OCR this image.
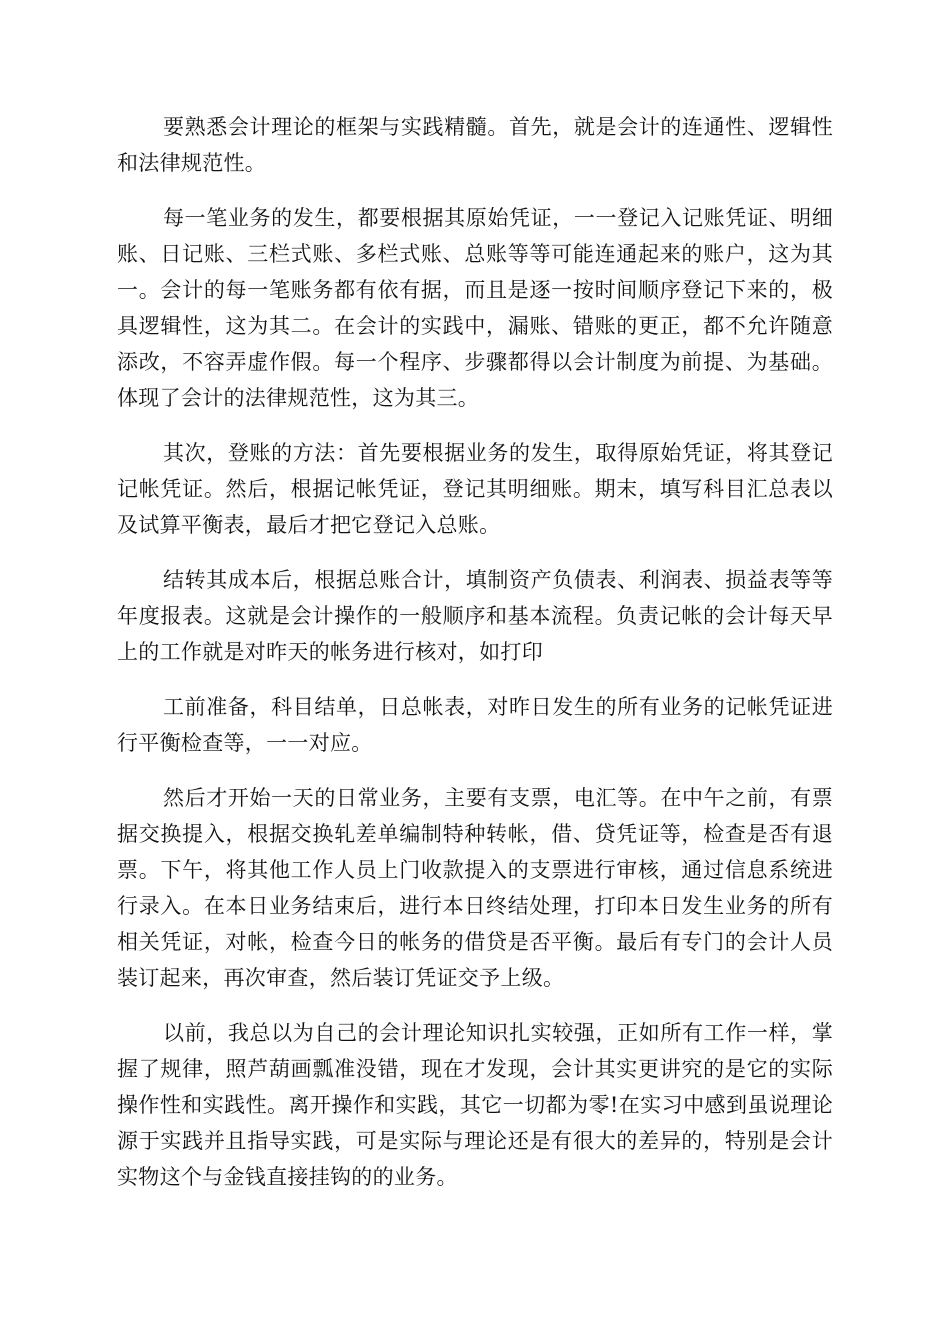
要熟悉会计理论的框架与实践精髓。首先，就是会计的连通性、逻辑性和法律规范性。

每一笔业务的发生，都要根据其原始凭证，一一登记入记账凭证、明细账、日记账、三栏式账、多栏式账、总账等等可能连通起来的账户，这为其一。会计的每一笔账务都有依有据，而且是逐一按时间顺序登记下来的，极具逻辑性，这为其二。在会计的实践中，漏账、错账的更正，都不允许随意添改，不容弄虚作假。每一个程序、步骤都得以会计制度为前提、为基础。体现了会计的法律规范性，这为其三。

其次，登账的方法：首先要根据业务的发生，取得原始凭证，将其登记记帐凭证。然后，根据记帐凭证，登记其明细账。期末，填写科目汇总表以及试算平衡表，最后才把它登记入总账。

结转其成本后，根据总账合计，填制资产负债表、利润表、损益表等等年度报表。这就是会计操作的一般顺序和基本流程。负责记帐的会计每天早上的工作就是对昨天的帐务进行核对，如打印

工前准备，科目结单，日总帐表，对昨日发生的所有业务的记帐凭证进行平衡检查等，一一对应。

然后才开始一天的日常业务，主要有支票，电汇等。在中午之前，有票据交换提入，根据交换轧差单编制特种转帐，借、贷凭证等，检查是否有退票。下午，将其他工作人员上门收款提入的支票进行审核，通过信息系统进行录入。在本日业务结束后，进行本日终结处理，打印本日发生业务的所有相关凭证，对帐，检查今日的帐务的借贷是否平衡。最后有专门的会计人员装订起来，再次审查，然后装订凭证交予上级。

以前，我总以为自己的会计理论知识扎实较强，正如所有工作一样，掌握了规律，照芦葫画瓢准没错，现在才发现，会计其实更讲究的是它的实际操作性和实践性。离开操作和实践，其它一切都为零!在实习中感到虽说理论源于实践并且指导实践，可是实际与理论还是有很大的差异的，特别是会计实物这个与金钱直接挂钩的的业务。
